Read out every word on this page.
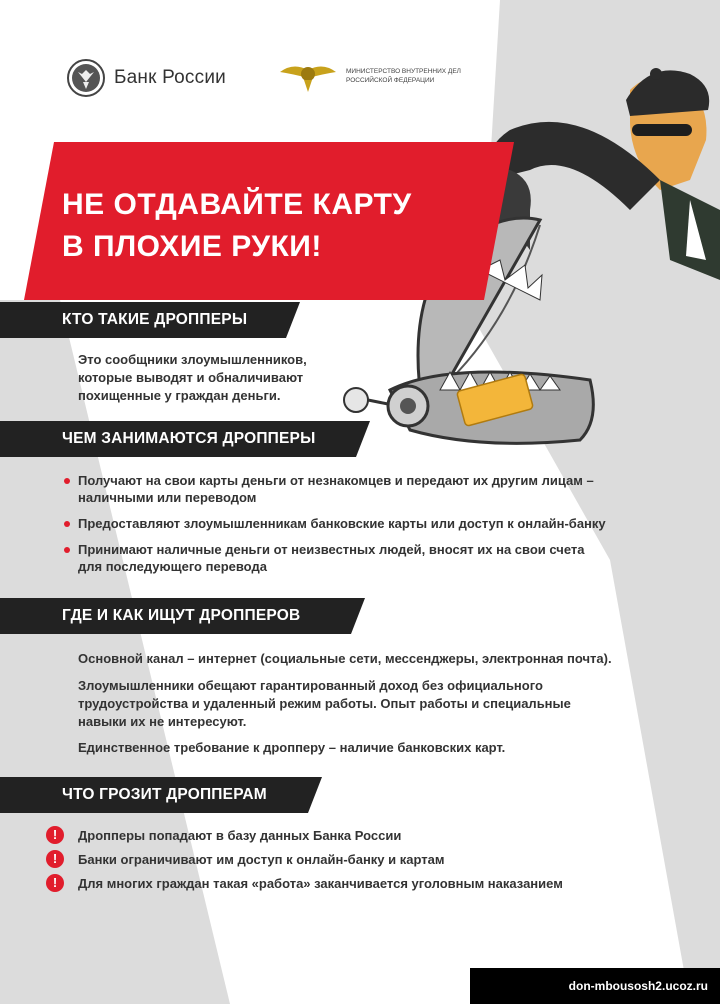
Банк России	МИНИСТЕРСТВО ВНУТРЕННИХ ДЕЛ
РОССИЙСКОЙ ФЕДЕРАЦИИ
НЕ ОТДАВАЙТЕ КАРТУ
В ПЛОХИЕ РУКИ!
КТО ТАКИЕ ДРОППЕРЫ
Это сообщники злоумышленников,
которые выводят и обналичивают
похищенные у граждан деньги.
ЧЕМ ЗАНИМАЮТСЯ ДРОППЕРЫ
Получают на свои карты деньги от незнакомцев и передают их другим лицам –
наличными или переводом
Предоставляют злоумышленникам банковские карты или доступ к онлайн-банку
Принимают наличные деньги от неизвестных людей, вносят их на свои счета
для последующего перевода
ГДЕ И КАК ИЩУТ ДРОППЕРОВ
Основной канал – интернет (социальные сети, мессенджеры, электронная почта).
Злоумышленники обещают гарантированный доход без официального
трудоустройства и удаленный режим работы. Опыт работы и специальные
навыки их не интересуют.
Единственное требование к дропперу – наличие банковских карт.
ЧТО ГРОЗИТ ДРОППЕРАМ
!	Дропперы попадают в базу данных Банка России
!	Банки ограничивают им доступ к онлайн-банку и картам
!	Для многих граждан такая «работа» заканчивается уголовным наказанием
don-mbousosh2.ucoz.ru
